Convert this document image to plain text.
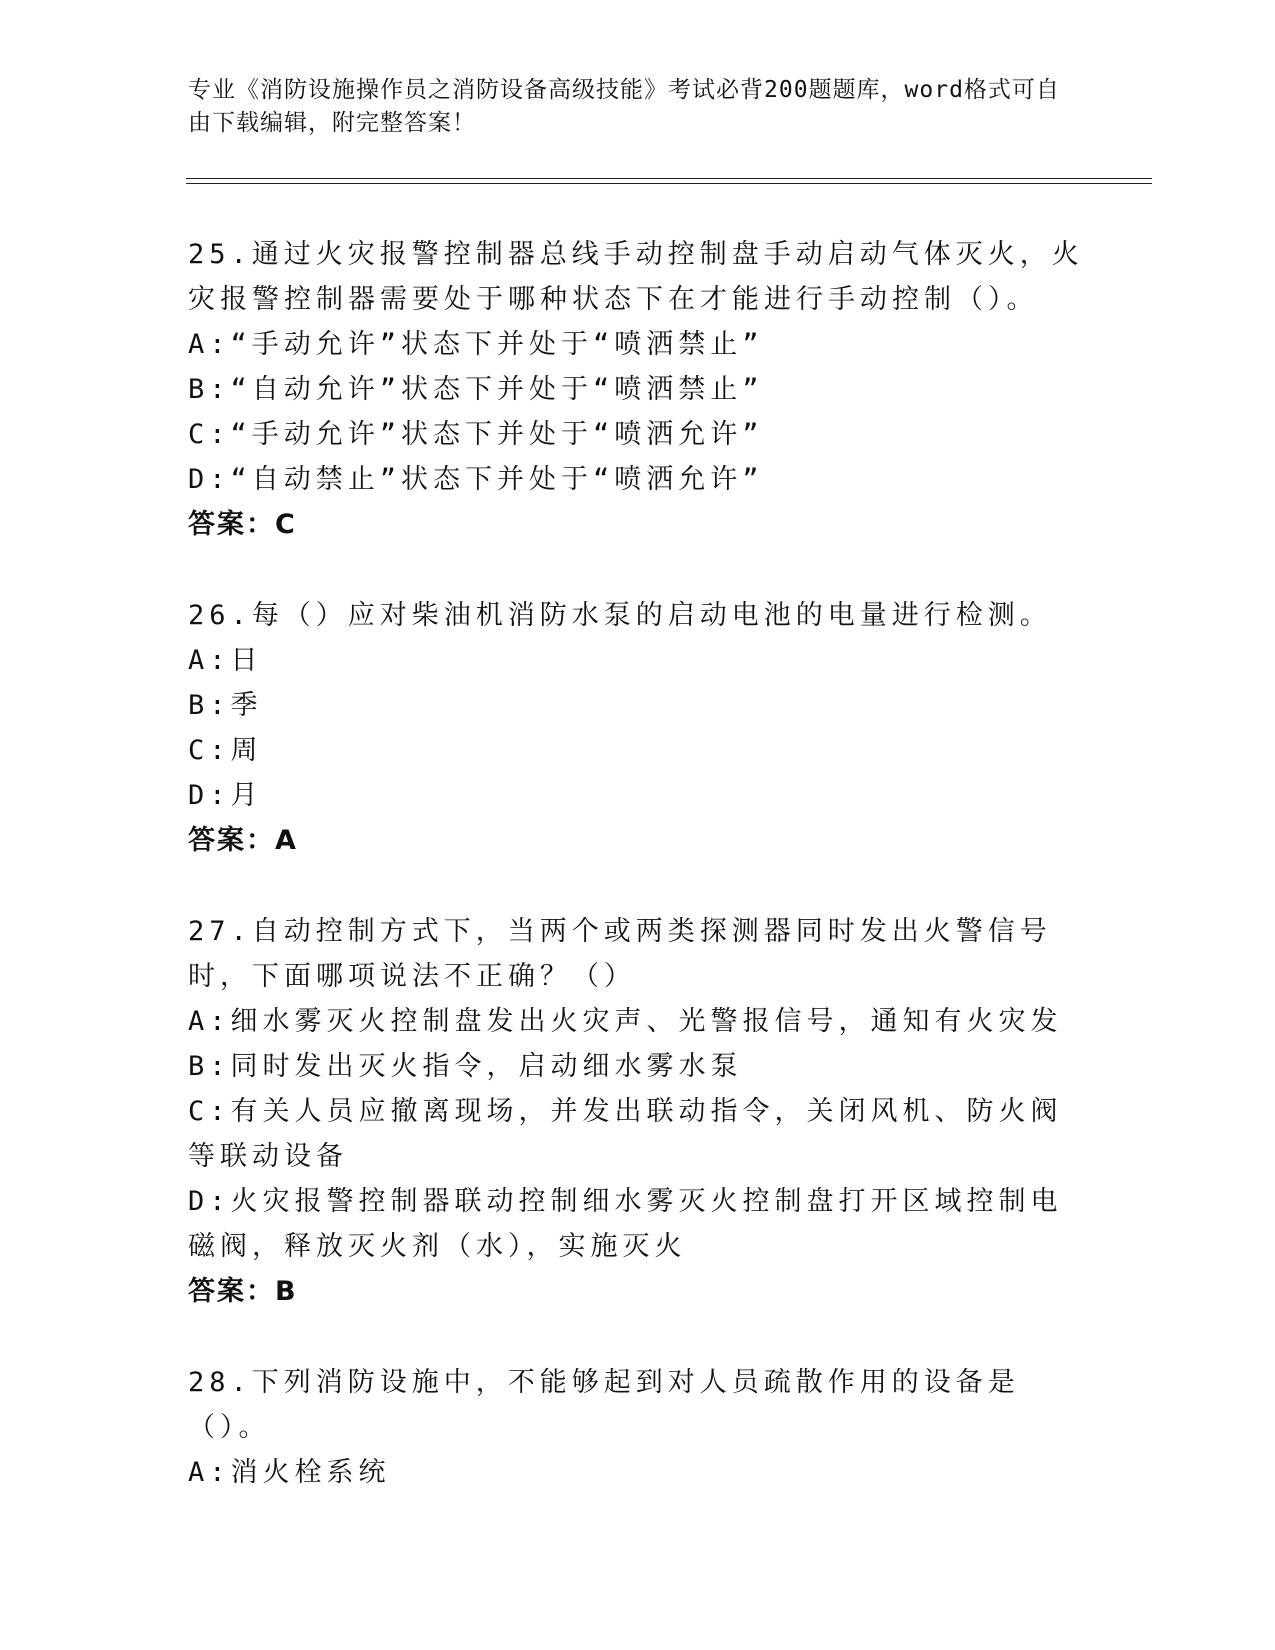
专业《消防设施操作员之消防设备高级技能》考试必背200题题库，word格式可自由下载编辑，附完整答案！
25.通过火灾报警控制器总线手动控制盘手动启动气体灭火，火灾报警控制器需要处于哪种状态下在才能进行手动控制（）。
A:“手动允许”状态下并处于“喷洒禁止”
B:“自动允许”状态下并处于“喷洒禁止”
C:“手动允许”状态下并处于“喷洒允许”
D:“自动禁止”状态下并处于“喷洒允许”
答案：C
26.每（）应对柴油机消防水泵的启动电池的电量进行检测。
A:日
B:季
C:周
D:月
答案：A
27.自动控制方式下，当两个或两类探测器同时发出火警信号时，下面哪项说法不正确？（）
A:细水雾灭火控制盘发出火灾声、光警报信号，通知有火灾发
B:同时发出灭火指令，启动细水雾水泵
C:有关人员应撤离现场，并发出联动指令，关闭风机、防火阀等联动设备
D:火灾报警控制器联动控制细水雾灭火控制盘打开区域控制电磁阀，释放灭火剂（水），实施灭火
答案：B
28.下列消防设施中，不能够起到对人员疏散作用的设备是（）。
A:消火栓系统
